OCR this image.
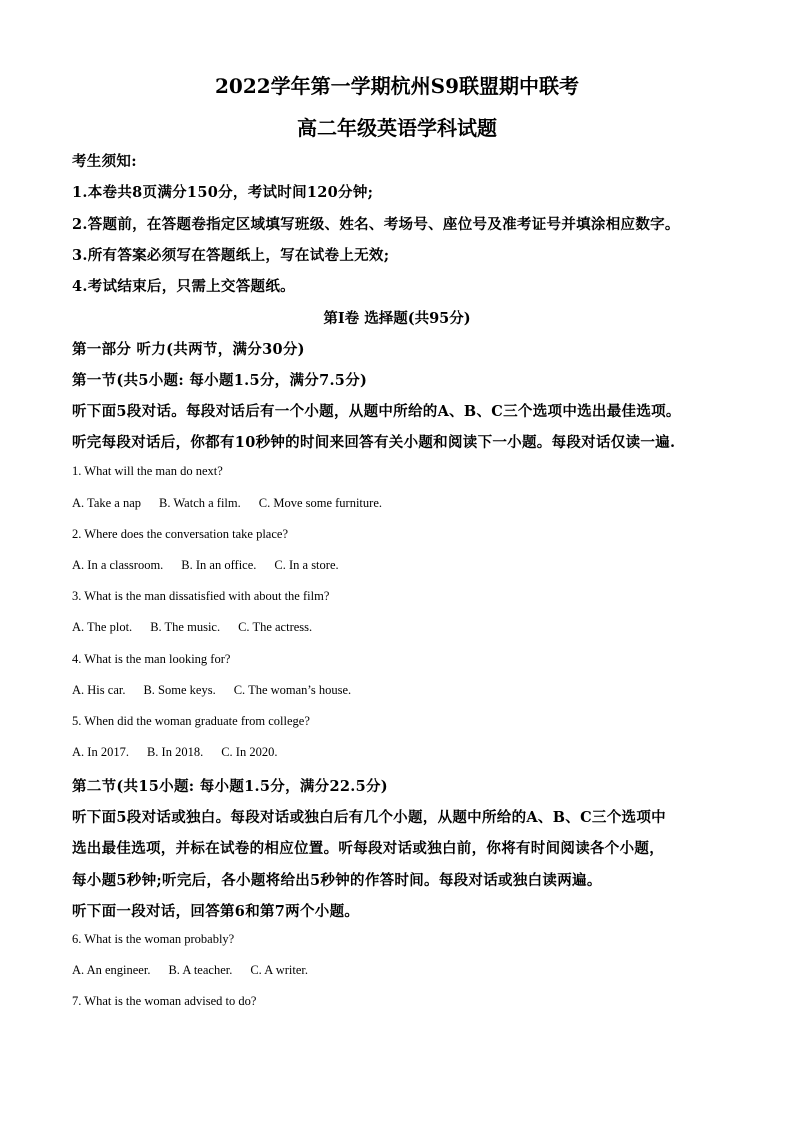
2022学年第一学期杭州S9联盟期中联考
高二年级英语学科试题
考生须知:
1.本卷共8页满分150分，考试时间120分钟;
2.答题前，在答题卷指定区域填写班级、姓名、考场号、座位号及准考证号并填涂相应数字。
3.所有答案必须写在答题纸上，写在试卷上无效;
4.考试结束后，只需上交答题纸。
第Ⅰ卷 选择题(共95分)
第一部分 听力(共两节，满分30分)
第一节(共5小题: 每小题1.5分，满分7.5分)
听下面5段对话。每段对话后有一个小题，从题中所给的A、B、C三个选项中选出最佳选项。
听完每段对话后，你都有10秒钟的时间来回答有关小题和阅读下一小题。每段对话仅读一遍.
1. What will the man do next?
A. Take a nap B. Watch a film. C. Move some furniture.
2. Where does the conversation take place?
A. In a classroom. B. In an office. C. In a store.
3. What is the man dissatisfied with about the film?
A. The plot. B. The music. C. The actress.
4. What is the man looking for?
A. His car. B. Some keys. C. The woman’s house.
5. When did the woman graduate from college?
A. In 2017. B. In 2018. C. In 2020.
第二节(共15小题: 每小题1.5分，满分22.5分)
听下面5段对话或独白。每段对话或独白后有几个小题，从题中所给的A、B、C三个选项中
选出最佳选项，并标在试卷的相应位置。听每段对话或独白前，你将有时间阅读各个小题，
每小题5秒钟;听完后，各小题将给出5秒钟的作答时间。每段对话或独白读两遍。
听下面一段对话，回答第6和第7两个小题。
6. What is the woman probably?
A. An engineer. B. A teacher. C. A writer.
7. What is the woman advised to do?
